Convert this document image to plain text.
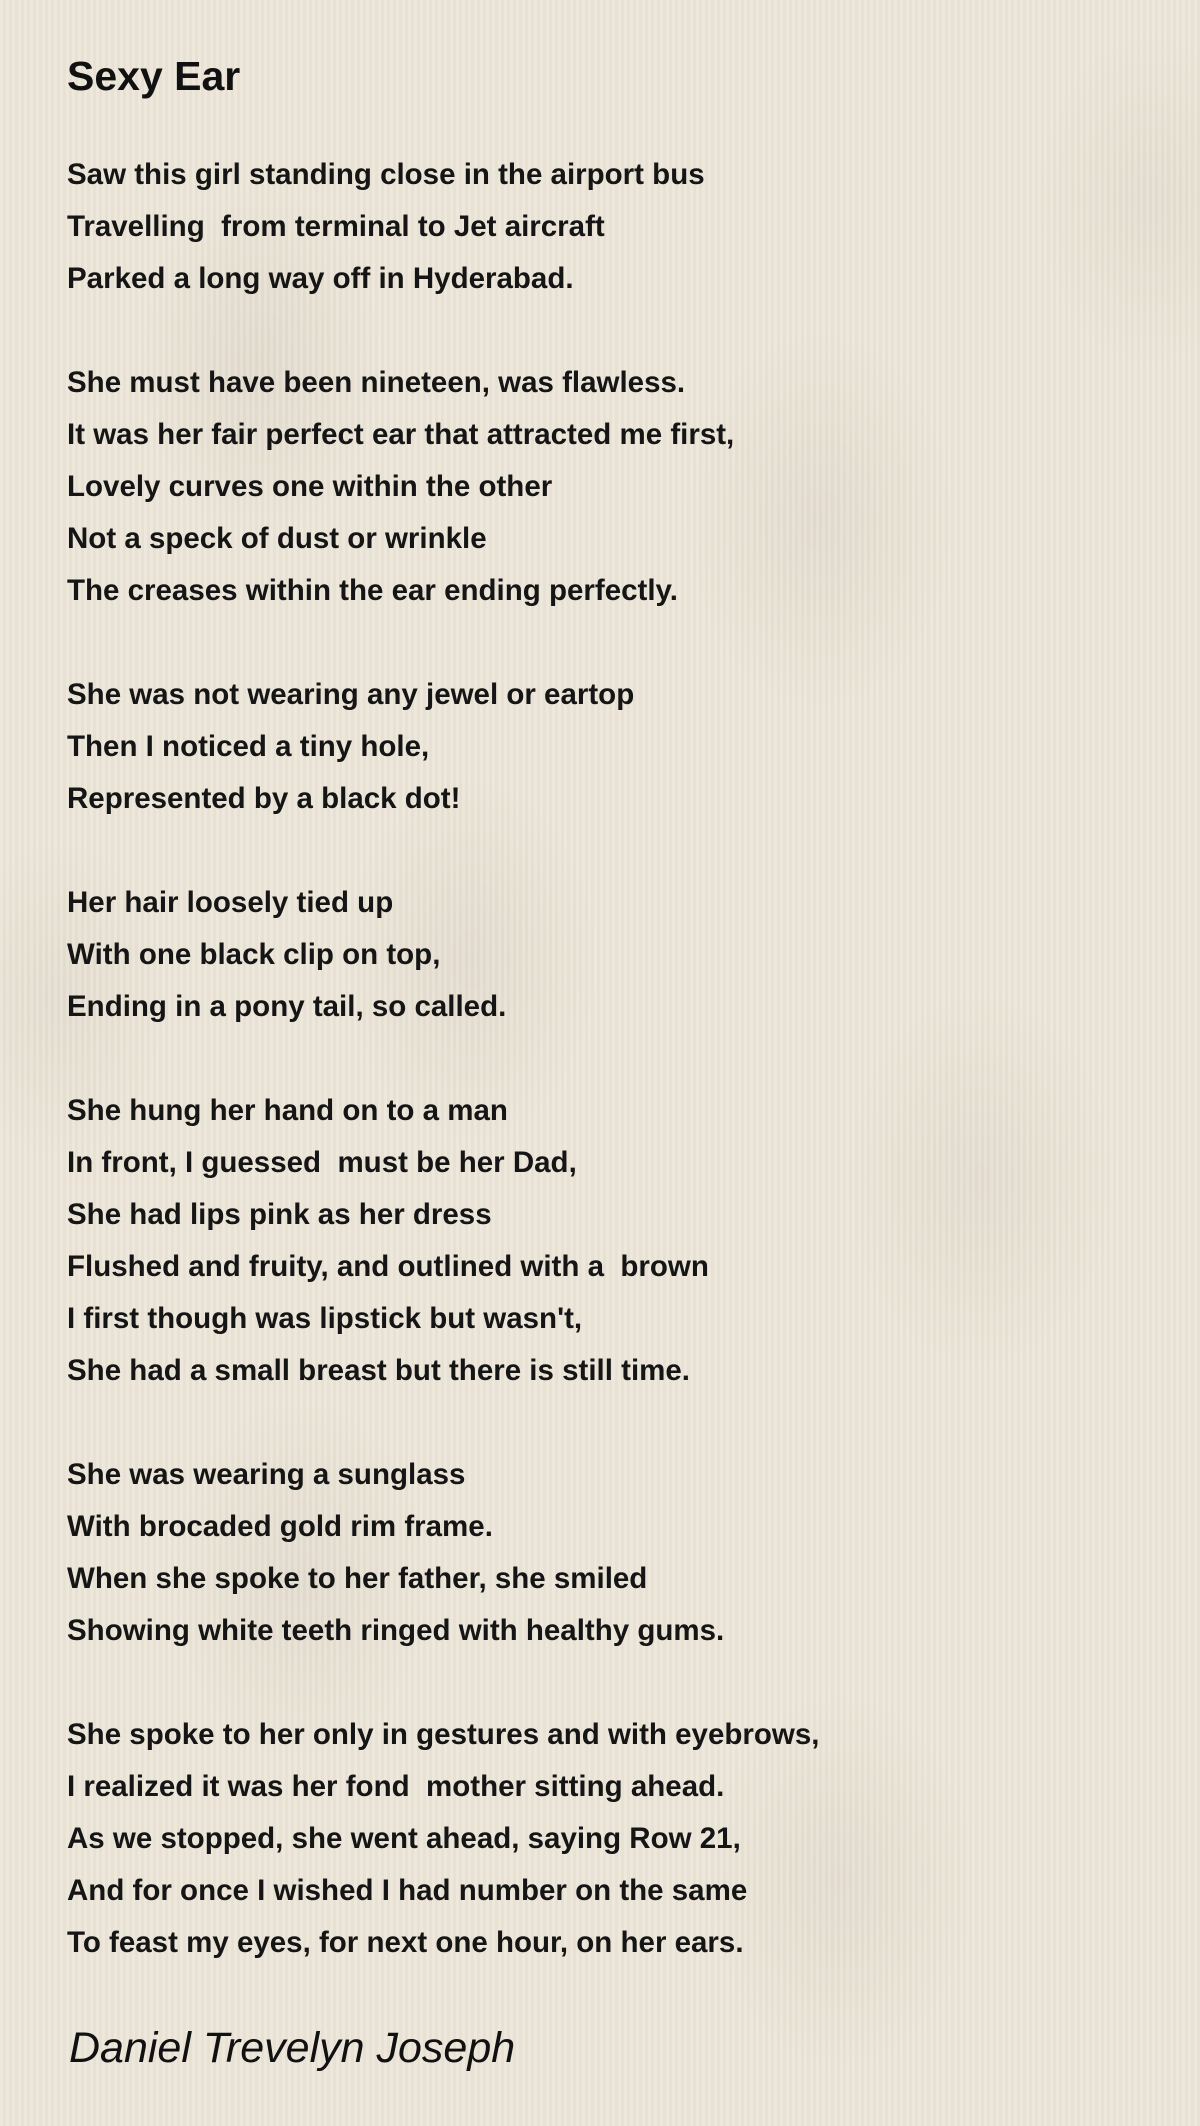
Sexy Ear
Saw this girl standing close in the airport bus
Travelling  from terminal to Jet aircraft
Parked a long way off in Hyderabad.
She must have been nineteen, was flawless.
It was her fair perfect ear that attracted me first,
Lovely curves one within the other
Not a speck of dust or wrinkle
The creases within the ear ending perfectly.
She was not wearing any jewel or eartop
Then I noticed a tiny hole,
Represented by a black dot!
Her hair loosely tied up
With one black clip on top,
Ending in a pony tail, so called.
She hung her hand on to a man
In front, I guessed  must be her Dad,
She had lips pink as her dress
Flushed and fruity, and outlined with a  brown
I first though was lipstick but wasn't,
She had a small breast but there is still time.
She was wearing a sunglass
With brocaded gold rim frame.
When she spoke to her father, she smiled
Showing white teeth ringed with healthy gums.
She spoke to her only in gestures and with eyebrows,
I realized it was her fond  mother sitting ahead.
As we stopped, she went ahead, saying Row 21,
And for once I wished I had number on the same
To feast my eyes, for next one hour, on her ears.

Daniel Trevelyn Joseph
